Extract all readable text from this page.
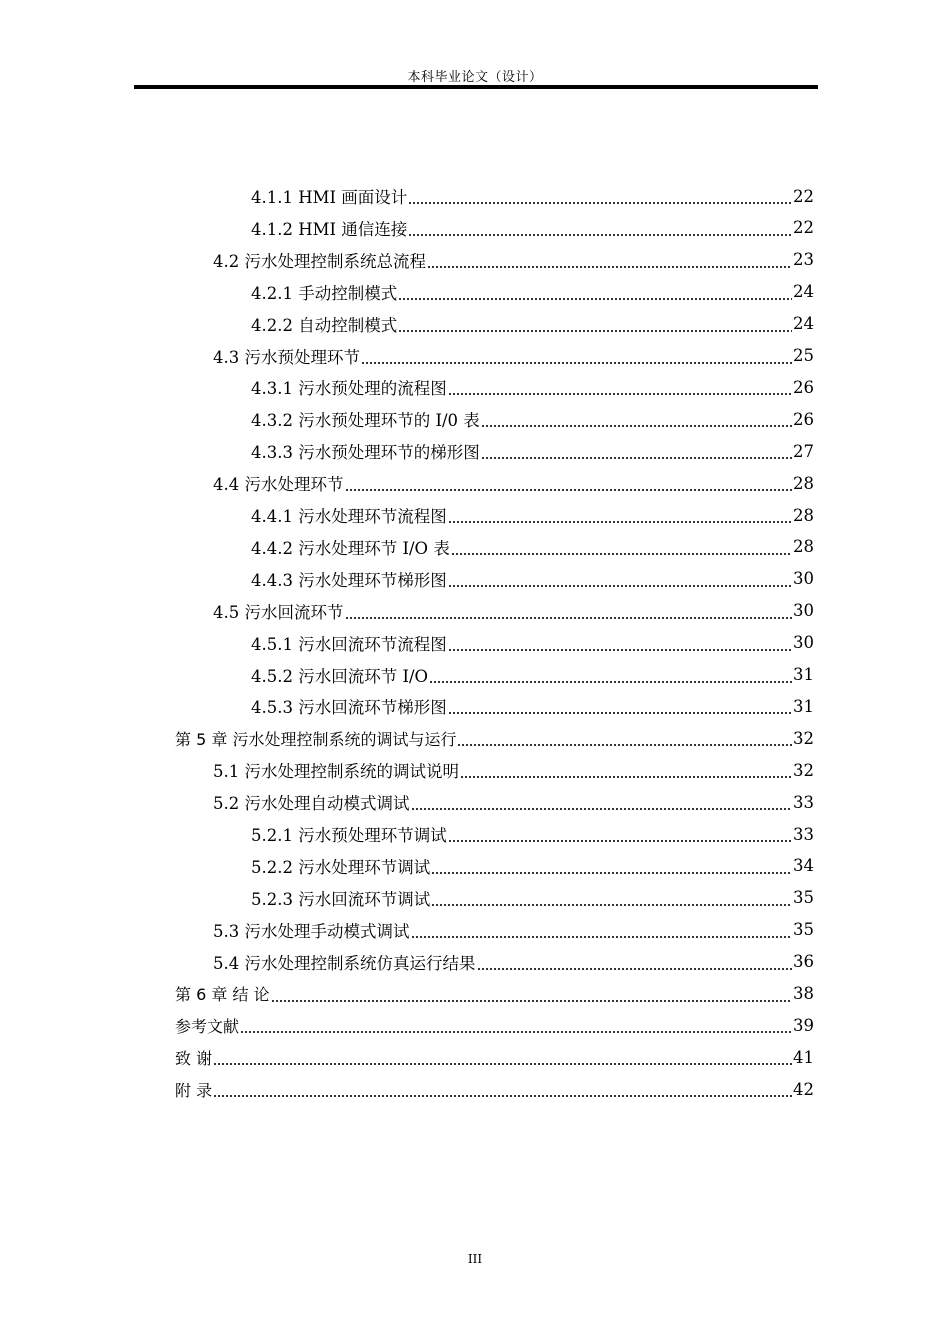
本科毕业论文（设计）
4.1.1 HMI 画面设计	22
4.1.2 HMI 通信连接	22
4.2 污水处理控制系统总流程	23
4.2.1 手动控制模式	24
4.2.2 自动控制模式	24
4.3 污水预处理环节	25
4.3.1 污水预处理的流程图	26
4.3.2 污水预处理环节的 I/0 表	26
4.3.3 污水预处理环节的梯形图	27
4.4 污水处理环节	28
4.4.1 污水处理环节流程图	28
4.4.2 污水处理环节 I/O 表	28
4.4.3 污水处理环节梯形图	30
4.5 污水回流环节	30
4.5.1 污水回流环节流程图	30
4.5.2 污水回流环节 I/O	31
4.5.3 污水回流环节梯形图	31
第 5 章 污水处理控制系统的调试与运行	32
5.1 污水处理控制系统的调试说明	32
5.2 污水处理自动模式调试	33
5.2.1 污水预处理环节调试	33
5.2.2 污水处理环节调试	34
5.2.3 污水回流环节调试	35
5.3 污水处理手动模式调试	35
5.4 污水处理控制系统仿真运行结果	36
第 6 章 结 论	38
参考文献	39
致 谢	41
附 录	42
III
